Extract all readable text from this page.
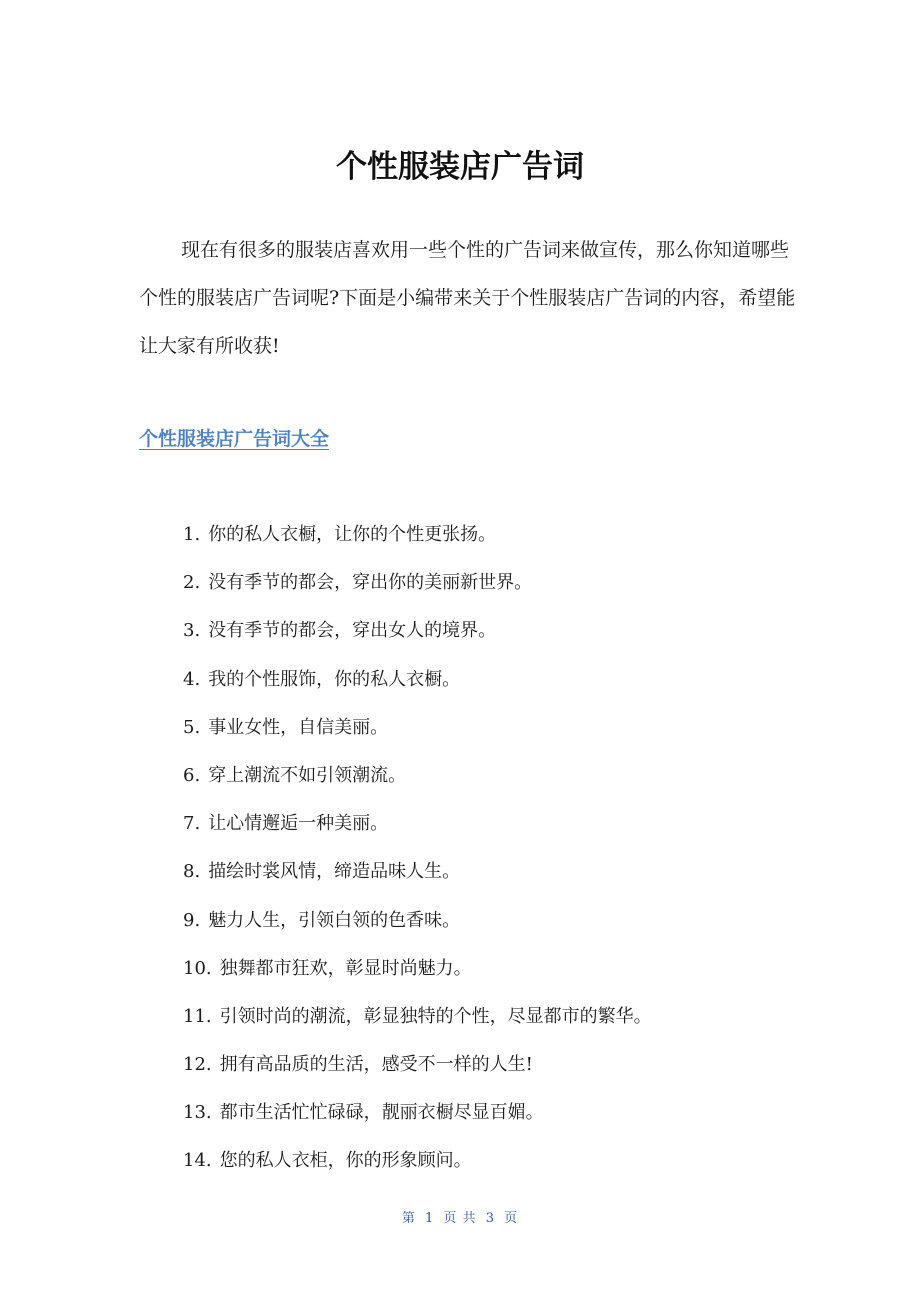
个性服装店广告词

现在有很多的服装店喜欢用一些个性的广告词来做宣传，那么你知道哪些个性的服装店广告词呢?下面是小编带来关于个性服装店广告词的内容，希望能让大家有所收获!

个性服装店广告词大全
1. 你的私人衣橱，让你的个性更张扬。
2. 没有季节的都会，穿出你的美丽新世界。
3. 没有季节的都会，穿出女人的境界。
4. 我的个性服饰，你的私人衣橱。
5. 事业女性，自信美丽。
6. 穿上潮流不如引领潮流。
7. 让心情邂逅一种美丽。
8. 描绘时裳风情，缔造品味人生。
9. 魅力人生，引领白领的色香味。
10. 独舞都市狂欢，彰显时尚魅力。
11. 引领时尚的潮流，彰显独特的个性，尽显都市的繁华。
12. 拥有高品质的生活，感受不一样的人生!
13. 都市生活忙忙碌碌，靓丽衣橱尽显百媚。
14. 您的私人衣柜，你的形象顾问。
第 1 页 共 3 页
